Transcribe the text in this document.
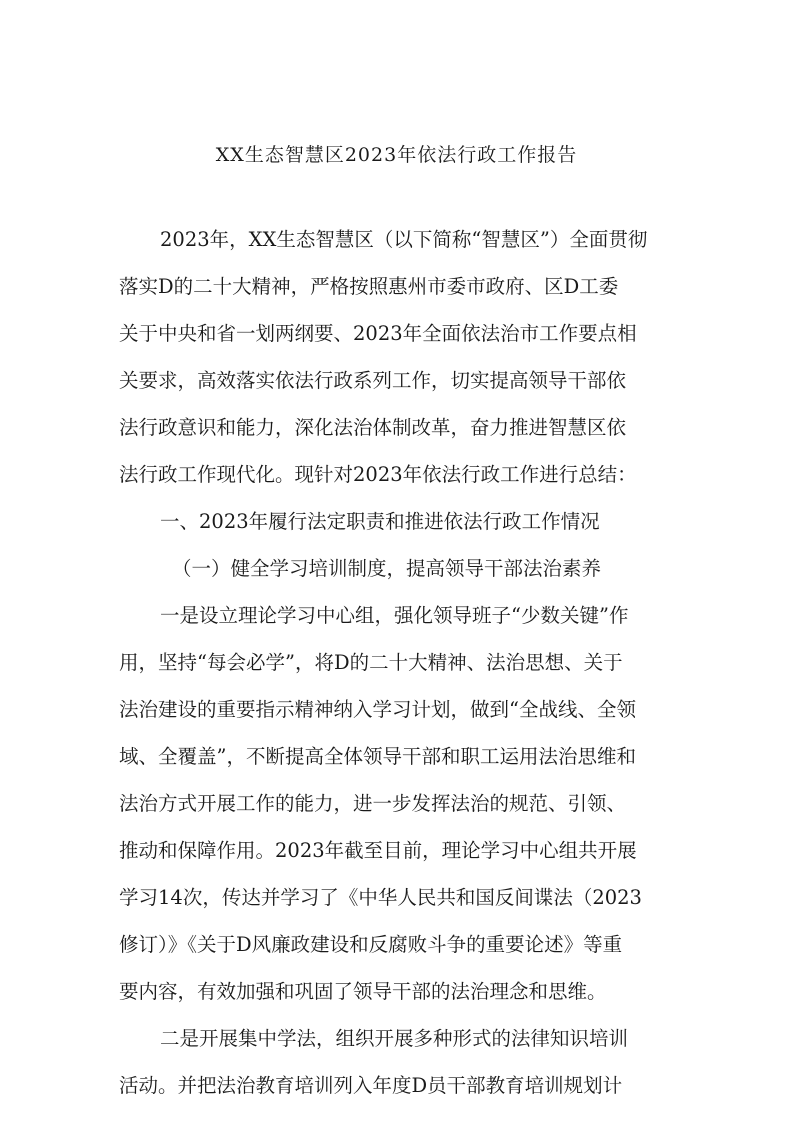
XX生态智慧区2023年依法行政工作报告
2023年，XX生态智慧区（以下简称“智慧区”）全面贯彻
落实D的二十大精神，严格按照惠州市委市政府、区D工委
关于中央和省一划两纲要、2023年全面依法治市工作要点相
关要求，高效落实依法行政系列工作，切实提高领导干部依
法行政意识和能力，深化法治体制改革，奋力推进智慧区依
法行政工作现代化。现针对2023年依法行政工作进行总结：
一、2023年履行法定职责和推进依法行政工作情况
（一）健全学习培训制度，提高领导干部法治素养
一是设立理论学习中心组，强化领导班子“少数关键”作
用，坚持“每会必学”，将D的二十大精神、法治思想、关于
法治建设的重要指示精神纳入学习计划，做到“全战线、全领
域、全覆盖”，不断提高全体领导干部和职工运用法治思维和
法治方式开展工作的能力，进一步发挥法治的规范、引领、
推动和保障作用。2023年截至目前，理论学习中心组共开展
学习14次，传达并学习了《中华人民共和国反间谍法（2023
修订）》《关于D风廉政建设和反腐败斗争的重要论述》等重
要内容，有效加强和巩固了领导干部的法治理念和思维。
二是开展集中学法，组织开展多种形式的法律知识培训
活动。并把法治教育培训列入年度D员干部教育培训规划计
